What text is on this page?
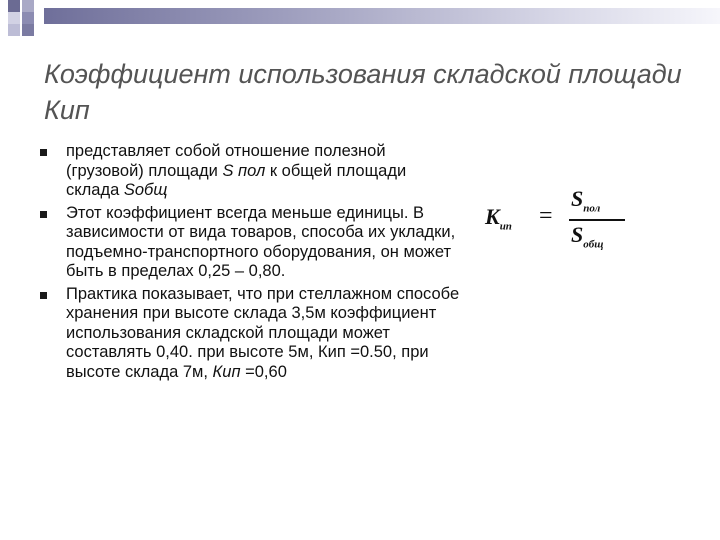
Коэффициент использования складской площади Кип
представляет собой отношение полезной (грузовой) площади S пол к общей площади склада Sобщ
Этот коэффициент всегда меньше единицы. В зависимости от вида товаров, способа их укладки, подъемно-транспортного оборудования, он может быть в пределах 0,25 – 0,80.
Практика показывает, что при стеллажном способе хранения при высоте склада 3,5м коэффициент использования складской площади может составлять 0,40. при высоте 5м, Кип =0.50, при высоте склада 7м, Кип =0,60
$K_{ип}$ =
$S_{пол}$
$S_{общ}$
